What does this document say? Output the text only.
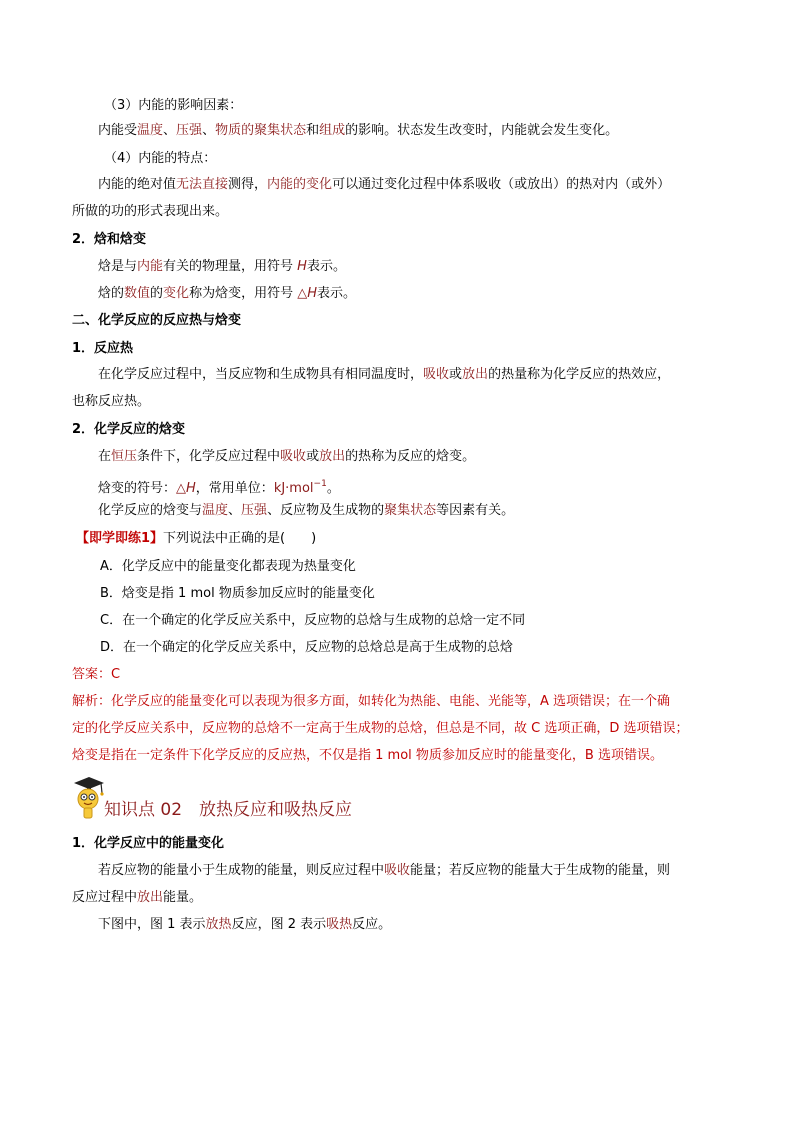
（3）内能的影响因素：
内能受温度、压强、物质的聚集状态和组成的影响。状态发生改变时，内能就会发生变化。
（4）内能的特点：
内能的绝对值无法直接测得，内能的变化可以通过变化过程中体系吸收（或放出）的热对内（或外）
所做的功的形式表现出来。
2．焓和焓变
焓是与内能有关的物理量，用符号 H表示。
焓的数值的变化称为焓变，用符号 △H表示。
二、化学反应的反应热与焓变
1．反应热
在化学反应过程中，当反应物和生成物具有相同温度时，吸收或放出的热量称为化学反应的热效应，
也称反应热。
2．化学反应的焓变
在恒压条件下，化学反应过程中吸收或放出的热称为反应的焓变。
焓变的符号：△H，常用单位：kJ·mol$^{-1}$。
化学反应的焓变与温度、压强、反应物及生成物的聚集状态等因素有关。
【即学即练1】下列说法中正确的是(　　)
A．化学反应中的能量变化都表现为热量变化
B．焓变是指 1 mol 物质参加反应时的能量变化
C．在一个确定的化学反应关系中，反应物的总焓与生成物的总焓一定不同
D．在一个确定的化学反应关系中，反应物的总焓总是高于生成物的总焓
答案：C
解析：化学反应的能量变化可以表现为很多方面，如转化为热能、电能、光能等，A 选项错误；在一个确
定的化学反应关系中，反应物的总焓不一定高于生成物的总焓，但总是不同，故 C 选项正确，D 选项错误；
焓变是指在一定条件下化学反应的反应热，不仅是指 1 mol 物质参加反应时的能量变化，B 选项错误。
知识点 02　放热反应和吸热反应
1．化学反应中的能量变化
若反应物的能量小于生成物的能量，则反应过程中吸收能量；若反应物的能量大于生成物的能量，则
反应过程中放出能量。
下图中，图 1 表示放热反应，图 2 表示吸热反应。
